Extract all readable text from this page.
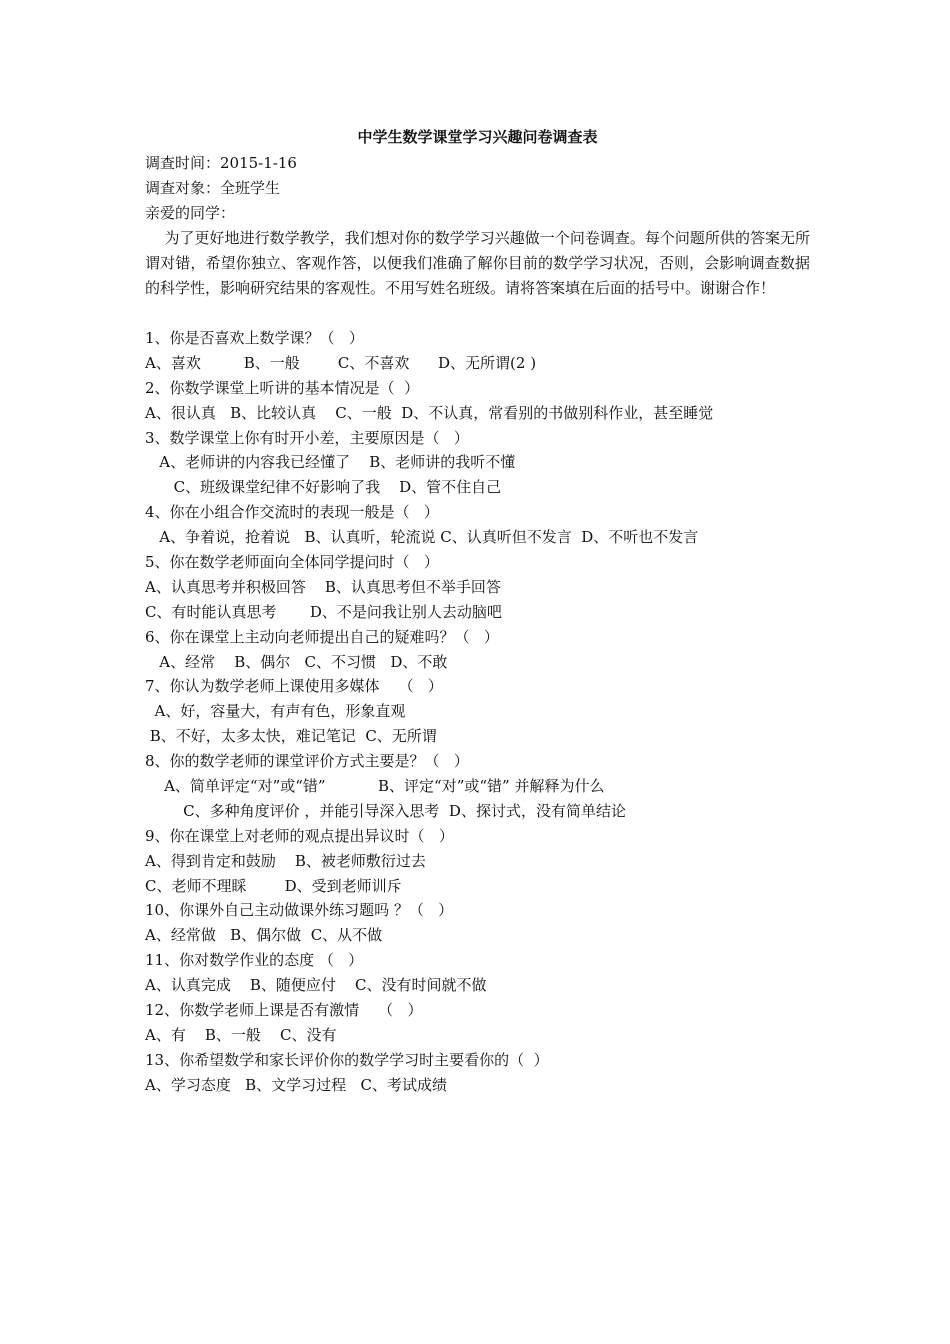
中学生数学课堂学习兴趣问卷调查表
调查时间：2015-1-16
调查对象：全班学生
亲爱的同学：

为了更好地进行数学教学，我们想对你的数学学习兴趣做一个问卷调查。每个问题所供的答案无所谓对错，希望你独立、客观作答，以便我们准确了解你目前的数学学习状况，否则，会影响调查数据的科学性，影响研究结果的客观性。不用写姓名班级。请将答案填在后面的括号中。谢谢合作！

1、你是否喜欢上数学课？（   ）
A、喜欢         B、一般        C、不喜欢      D、无所谓(2 )
2、你数学课堂上听讲的基本情况是（  ）
A、很认真   B、比较认真    C、一般  D、不认真，常看别的书做别科作业，甚至睡觉
3、数学课堂上你有时开小差，主要原因是（   ）
A、老师讲的内容我已经懂了    B、老师讲的我听不懂
C、班级课堂纪律不好影响了我    D、管不住自己
4、你在小组合作交流时的表现一般是（   ）
A、争着说，抢着说   B、认真听，轮流说 C、认真听但不发言  D、不听也不发言
5、你在数学老师面向全体同学提问时（   ）
A、认真思考并积极回答    B、认真思考但不举手回答
C、有时能认真思考       D、不是问我让别人去动脑吧
6、你在课堂上主动向老师提出自己的疑难吗？（   ）
A、经常    B、偶尔   C、不习惯   D、不敢
7、你认为数学老师上课使用多媒体    （   ）
A、好，容量大，有声有色，形象直观
B、不好，太多太快，难记笔记  C、无所谓
8、你的数学老师的课堂评价方式主要是？（   ）
A、简单评定“对”或“错”           B、评定“对”或“错” 并解释为什么
C、多种角度评价 ，并能引导深入思考  D、探讨式，没有简单结论
9、你在课堂上对老师的观点提出异议时（   ）
A、得到肯定和鼓励    B、被老师敷衍过去
C、老师不理睬        D、受到老师训斥
10、你课外自己主动做课外练习题吗 ？（   ）
A、经常做   B、偶尔做  C、从不做
11、你对数学作业的态度 （   ）
A、认真完成    B、随便应付    C、没有时间就不做
12、你数学老师上课是否有激情    （   ）
A、有    B、一般    C、没有
13、你希望数学和家长评价你的数学学习时主要看你的（  ）
A、学习态度   B、文学习过程   C、考试成绩
